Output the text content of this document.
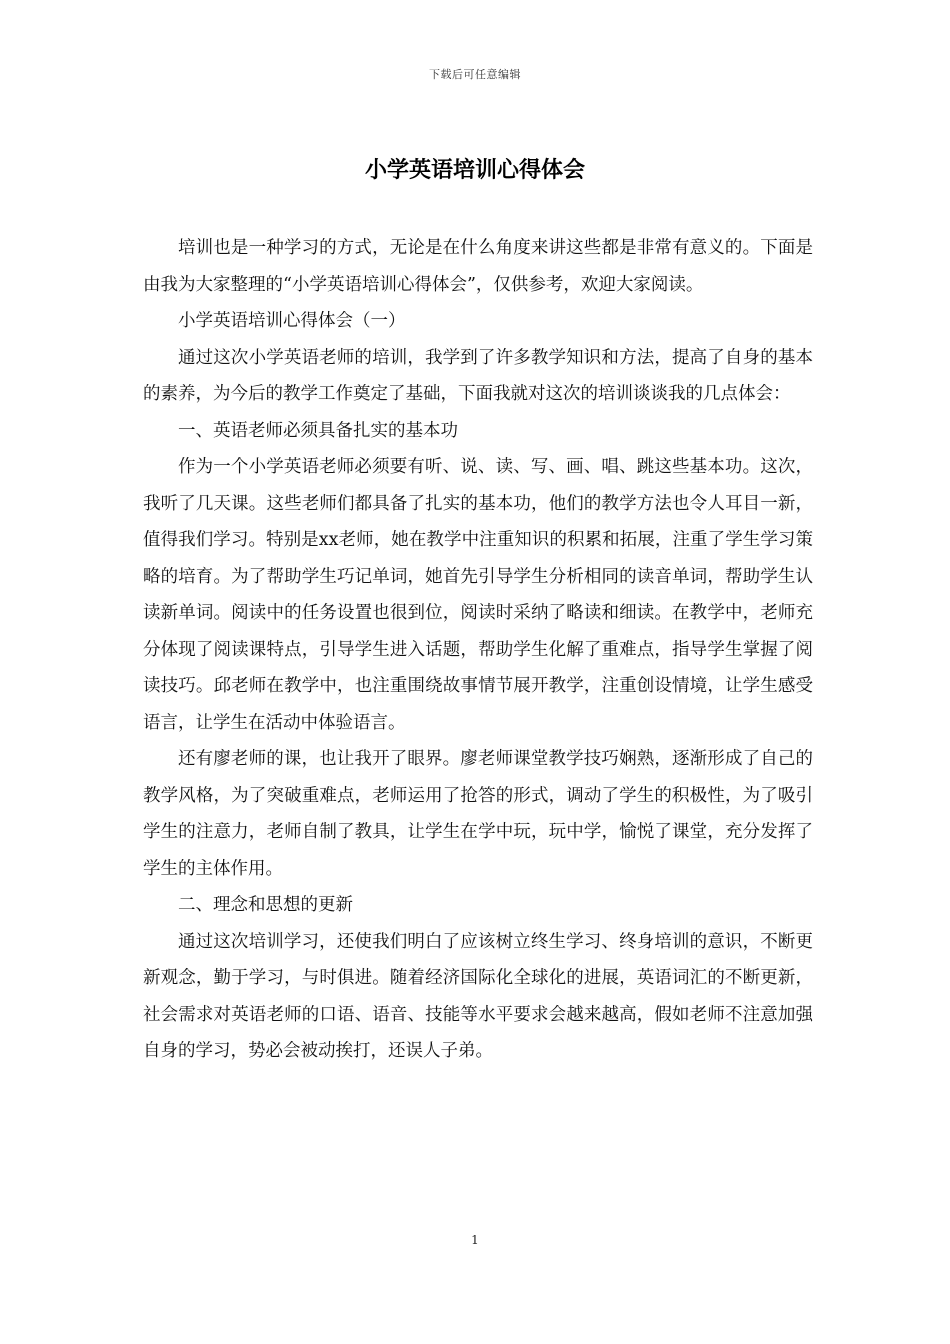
下载后可任意编辑
小学英语培训心得体会

培训也是一种学习的方式，无论是在什么角度来讲这些都是非常有意义的。下面是由我为大家整理的“小学英语培训心得体会”，仅供参考，欢迎大家阅读。

小学英语培训心得体会（一）

通过这次小学英语老师的培训，我学到了许多教学知识和方法，提高了自身的基本的素养，为今后的教学工作奠定了基础，下面我就对这次的培训谈谈我的几点体会：

一、英语老师必须具备扎实的基本功

作为一个小学英语老师必须要有听、说、读、写、画、唱、跳这些基本功。这次，我听了几天课。这些老师们都具备了扎实的基本功，他们的教学方法也令人耳目一新，值得我们学习。特别是xx老师，她在教学中注重知识的积累和拓展，注重了学生学习策略的培育。为了帮助学生巧记单词，她首先引导学生分析相同的读音单词，帮助学生认读新单词。阅读中的任务设置也很到位，阅读时采纳了略读和细读。在教学中，老师充分体现了阅读课特点，引导学生进入话题，帮助学生化解了重难点，指导学生掌握了阅读技巧。邱老师在教学中，也注重围绕故事情节展开教学，注重创设情境，让学生感受语言，让学生在活动中体验语言。

还有廖老师的课，也让我开了眼界。廖老师课堂教学技巧娴熟，逐渐形成了自己的教学风格，为了突破重难点，老师运用了抢答的形式，调动了学生的积极性，为了吸引学生的注意力，老师自制了教具，让学生在学中玩，玩中学，愉悦了课堂，充分发挥了学生的主体作用。

二、理念和思想的更新

通过这次培训学习，还使我们明白了应该树立终生学习、终身培训的意识，不断更新观念，勤于学习，与时俱进。随着经济国际化全球化的进展，英语词汇的不断更新，社会需求对英语老师的口语、语音、技能等水平要求会越来越高，假如老师不注意加强自身的学习，势必会被动挨打，还误人子弟。

1
